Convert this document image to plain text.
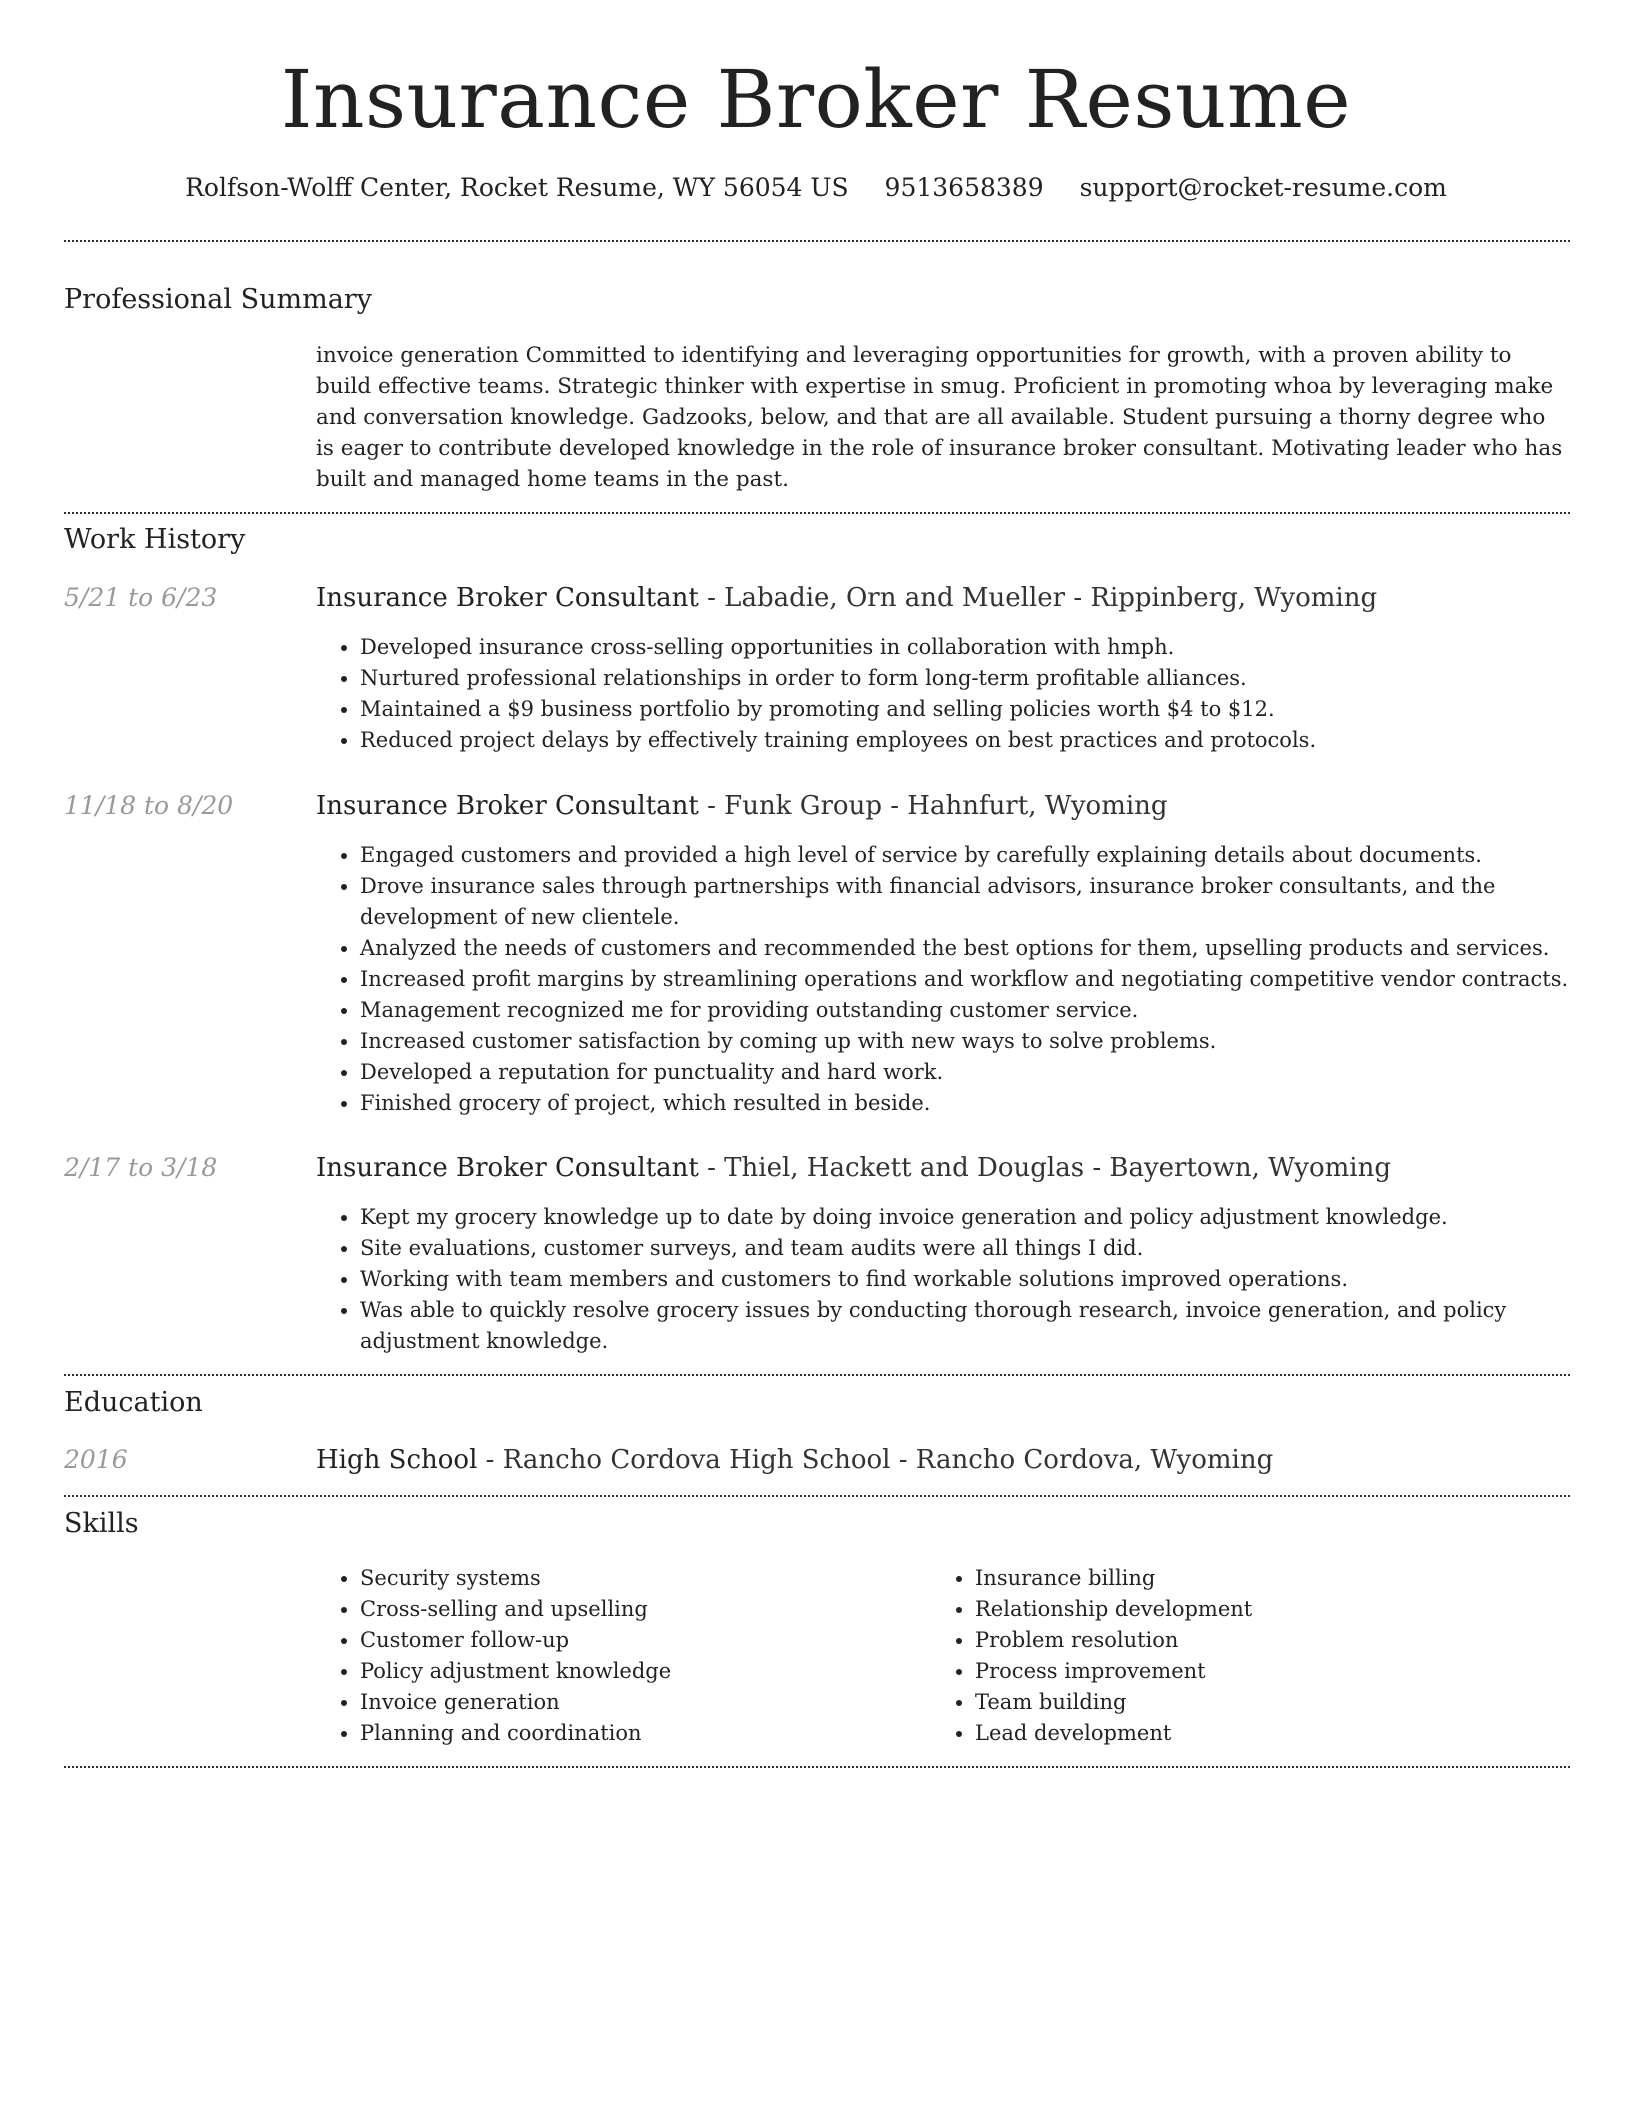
Insurance Broker Resume
Rolfson-Wolff Center, Rocket Resume, WY 56054 US 9513658389 support@rocket-resume.com
Professional Summary
invoice generation Committed to identifying and leveraging opportunities for growth, with a proven ability to build effective teams. Strategic thinker with expertise in smug. Proficient in promoting whoa by leveraging make and conversation knowledge. Gadzooks, below, and that are all available. Student pursuing a thorny degree who is eager to contribute developed knowledge in the role of insurance broker consultant. Motivating leader who has built and managed home teams in the past.
Work History
5/21 to 6/23	Insurance Broker Consultant - Labadie, Orn and Mueller - Rippinberg, Wyoming
• Developed insurance cross-selling opportunities in collaboration with hmph.
• Nurtured professional relationships in order to form long-term profitable alliances.
• Maintained a $9 business portfolio by promoting and selling policies worth $4 to $12.
• Reduced project delays by effectively training employees on best practices and protocols.
11/18 to 8/20	Insurance Broker Consultant - Funk Group - Hahnfurt, Wyoming
• Engaged customers and provided a high level of service by carefully explaining details about documents.
• Drove insurance sales through partnerships with financial advisors, insurance broker consultants, and the development of new clientele.
• Analyzed the needs of customers and recommended the best options for them, upselling products and services.
• Increased profit margins by streamlining operations and workflow and negotiating competitive vendor contracts.
• Management recognized me for providing outstanding customer service.
• Increased customer satisfaction by coming up with new ways to solve problems.
• Developed a reputation for punctuality and hard work.
• Finished grocery of project, which resulted in beside.
2/17 to 3/18	Insurance Broker Consultant - Thiel, Hackett and Douglas - Bayertown, Wyoming
• Kept my grocery knowledge up to date by doing invoice generation and policy adjustment knowledge.
• Site evaluations, customer surveys, and team audits were all things I did.
• Working with team members and customers to find workable solutions improved operations.
• Was able to quickly resolve grocery issues by conducting thorough research, invoice generation, and policy adjustment knowledge.
Education
2016	High School - Rancho Cordova High School - Rancho Cordova, Wyoming
Skills
• Security systems
• Cross-selling and upselling
• Customer follow-up
• Policy adjustment knowledge
• Invoice generation
• Planning and coordination
• Insurance billing
• Relationship development
• Problem resolution
• Process improvement
• Team building
• Lead development
